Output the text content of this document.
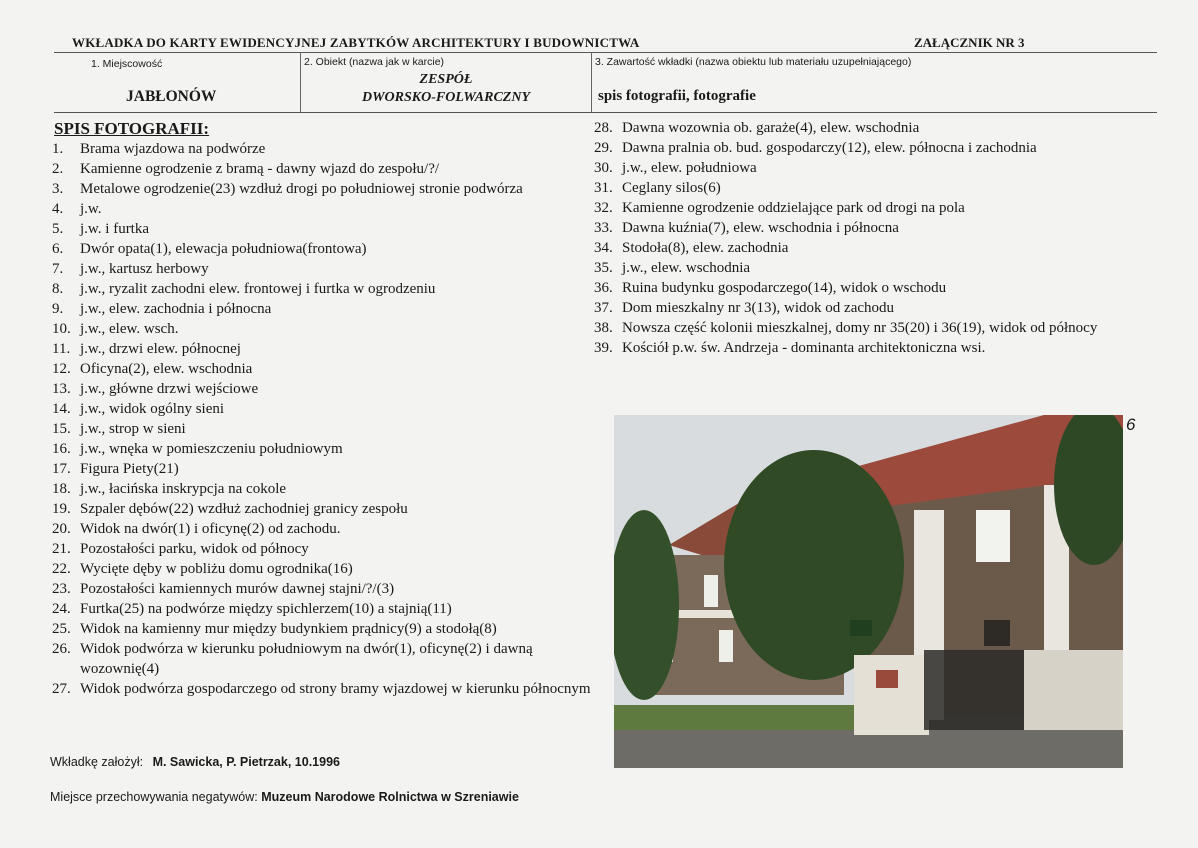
WKŁADKA DO KARTY EWIDENCYJNEJ ZABYTKÓW ARCHITEKTURY I BUDOWNICTWA	ZAŁĄCZNIK NR 3
1. Miejscowość
JABŁONÓW
2. Obiekt (nazwa jak w karcie)
ZESPÓŁ
DWORSKO-FOLWARCZNY
3. Zawartość wkładki (nazwa obiektu lub materiału uzupełniającego)
spis fotografii, fotografie
SPIS FOTOGRAFII:
1. Brama wjazdowa na podwórze
2. Kamienne ogrodzenie z bramą - dawny wjazd do zespołu/?/
3. Metalowe ogrodzenie(23) wzdłuż drogi po południowej stronie podwórza
4. j.w.
5. j.w. i furtka
6. Dwór opata(1), elewacja południowa(frontowa)
7. j.w., kartusz herbowy
8. j.w., ryzalit zachodni elew. frontowej i furtka w ogrodzeniu
9. j.w., elew. zachodnia i północna
10. j.w., elew. wsch.
11. j.w., drzwi elew. północnej
12. Oficyna(2), elew. wschodnia
13. j.w., główne drzwi wejściowe
14. j.w., widok ogólny sieni
15. j.w., strop w sieni
16. j.w., wnęka w pomieszczeniu południowym
17. Figura Piety(21)
18. j.w., łacińska inskrypcja na cokole
19. Szpaler dębów(22) wzdłuż zachodniej granicy zespołu
20. Widok na dwór(1) i oficynę(2) od zachodu.
21. Pozostałości parku, widok od północy
22. Wycięte dęby w pobliżu domu ogrodnika(16)
23. Pozostałości kamiennych murów dawnej stajni/?/(3)
24. Furtka(25) na podwórze między spichlerzem(10) a stajnią(11)
25. Widok na kamienny mur między budynkiem prądnicy(9) a stodołą(8)
26. Widok podwórza w kierunku południowym na dwór(1), oficynę(2) i dawną wozownię(4)
27. Widok podwórza gospodarczego od strony bramy wjazdowej w kierunku północnym
28. Dawna wozownia ob. garaże(4), elew. wschodnia
29. Dawna pralnia ob. bud. gospodarczy(12), elew. północna i zachodnia
30. j.w., elew. południowa
31. Ceglany silos(6)
32. Kamienne ogrodzenie oddzielające park od drogi na pola
33. Dawna kuźnia(7), elew. wschodnia i północna
34. Stodoła(8), elew. zachodnia
35. j.w., elew. wschodnia
36. Ruina budynku gospodarczego(14), widok o wschodu
37. Dom mieszkalny nr 3(13), widok od zachodu
38. Nowsza część kolonii mieszkalnej, domy nr 35(20) i 36(19), widok od północy
39. Kościół p.w. św. Andrzeja - dominanta architektoniczna wsi.
Wkładkę założył: M. Sawicka, P. Pietrzak, 10.1996
Miejsce przechowywania negatywów: Muzeum Narodowe Rolnictwa w Szreniawie
6
